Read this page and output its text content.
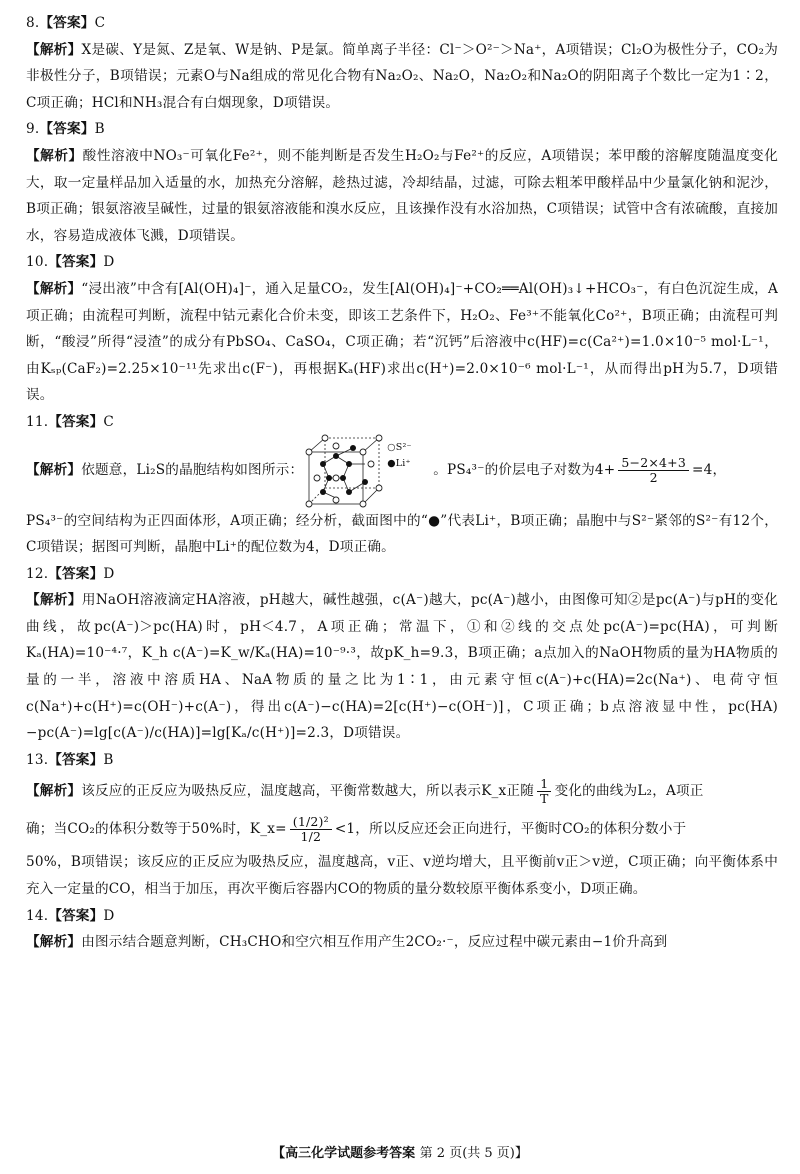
8.【答案】C

【解析】X是碳、Y是氮、Z是氧、W是钠、P是氯。简单离子半径：Cl⁻＞O²⁻＞Na⁺，A项错误；Cl₂O为极性分子，CO₂为非极性分子，B项错误；元素O与Na组成的常见化合物有Na₂O₂、Na₂O，Na₂O₂和Na₂O的阴阳离子个数比一定为1∶2，C项正确；HCl和NH₃混合有白烟现象，D项错误。

9.【答案】B

【解析】酸性溶液中NO₃⁻可氧化Fe²⁺，则不能判断是否发生H₂O₂与Fe²⁺的反应，A项错误；苯甲酸的溶解度随温度变化大，取一定量样品加入适量的水，加热充分溶解，趁热过滤，冷却结晶，过滤，可除去粗苯甲酸样品中少量氯化钠和泥沙，B项正确；银氨溶液呈碱性，过量的银氨溶液能和溴水反应，且该操作没有水浴加热，C项错误；试管中含有浓硫酸，直接加水，容易造成液体飞溅，D项错误。

10.【答案】D

【解析】“浸出液”中含有[Al(OH)₄]⁻，通入足量CO₂，发生[Al(OH)₄]⁻+CO₂══Al(OH)₃↓+HCO₃⁻，有白色沉淀生成，A项正确；由流程可判断，流程中钴元素化合价未变，即该工艺条件下，H₂O₂、Fe³⁺不能氧化Co²⁺，B项正确；由流程可判断，“酸浸”所得“浸渣”的成分有PbSO₄、CaSO₄，C项正确；若“沉钙”后溶液中c(HF)=c(Ca²⁺)=1.0×10⁻⁵ mol·L⁻¹，由Kₛₚ(CaF₂)=2.25×10⁻¹¹先求出c(F⁻)，再根据Kₐ(HF)求出c(H⁺)=2.0×10⁻⁶ mol·L⁻¹，从而得出pH为5.7，D项错误。

11.【答案】C

【解析】 依题意，Li₂S的晶胞结构如图所示：
○S²⁻
●Li⁺ 。PS₄³⁻的价层电子对数为$4+ \frac{5-2\times 4+3}{2} =4$，

PS₄³⁻的空间结构为正四面体形，A项正确；经分析，截面图中的“●”代表Li⁺，B项正确；晶胞中与S²⁻紧邻的S²⁻有12个，C项错误；据图可判断，晶胞中Li⁺的配位数为4，D项正确。

12.【答案】D

【解析】用NaOH溶液滴定HA溶液，pH越大，碱性越强，c(A⁻)越大，pc(A⁻)越小，由图像可知②是pc(A⁻)与pH的变化曲线，故pc(A⁻)＞pc(HA)时，pH＜4.7，A项正确；常温下，①和②线的交点处pc(A⁻)=pc(HA)，可判断Kₐ(HA)=10⁻⁴·⁷，K_h c(A⁻)=K_w/Kₐ(HA)=10⁻⁹·³，故pK_h=9.3，B项正确；a点加入的NaOH物质的量为HA物质的量的一半，溶液中溶质HA、NaA物质的量之比为1∶1，由元素守恒c(A⁻)+c(HA)=2c(Na⁺)、电荷守恒c(Na⁺)+c(H⁺)=c(OH⁻)+c(A⁻)，得出c(A⁻)−c(HA)=2[c(H⁺)−c(OH⁻)]，C项正确；b点溶液显中性，pc(HA)−pc(A⁻)=lg[c(A⁻)/c(HA)]=lg[Kₐ/c(H⁺)]=2.3，D项错误。

13.【答案】B

【解析】 该反应的正反应为吸热反应，温度越高，平衡常数越大，所以表示K_x正随 $\frac{1}{T}$ 变化的曲线为L₂，A项正
确；当CO₂的体积分数等于50%时，K_x= $\frac{\text{(1/2)²}}{1/2} <1$，所以反应还会正向进行，平衡时CO₂的体积分数小于

50%，B项错误；该反应的正反应为吸热反应，温度越高，v正、v逆均增大，且平衡前v正＞v逆，C项正确；向平衡体系中充入一定量的CO，相当于加压，再次平衡后容器内CO的物质的量分数较原平衡体系变小，D项正确。

14.【答案】D

【解析】由图示结合题意判断，CH₃CHO和空穴相互作用产生2CO₂·⁻，反应过程中碳元素由−1价升高到

【高三化学试题参考答案 第 2 页(共 5 页)】
